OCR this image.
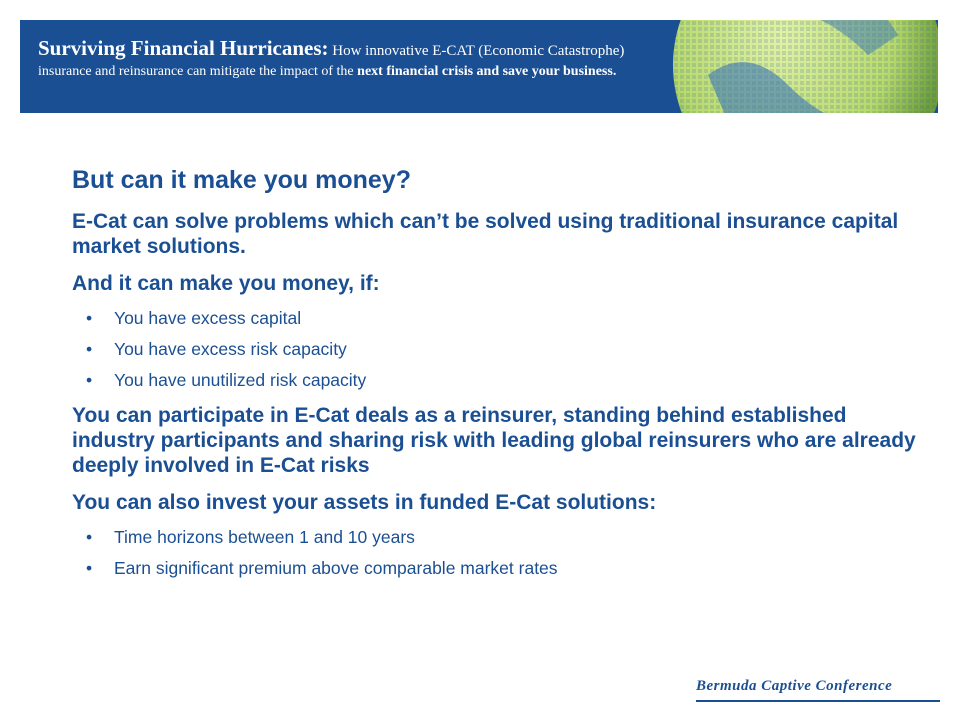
Surviving Financial Hurricanes: How innovative E-CAT (Economic Catastrophe)
insurance and reinsurance can mitigate the impact of the next financial crisis and save your business.
But can it make you money?

E-Cat can solve problems which can’t be solved using traditional insurance capital market solutions.

And it can make you money, if:

• You have excess capital
• You have excess risk capacity
• You have unutilized risk capacity

You can participate in E-Cat deals as a reinsurer, standing behind established industry participants and sharing risk with leading global reinsurers who are already deeply involved in E-Cat risks

You can also invest your assets in funded E-Cat solutions:

• Time horizons between 1 and 10 years
• Earn significant premium above comparable market rates
Bermuda Captive Conference
